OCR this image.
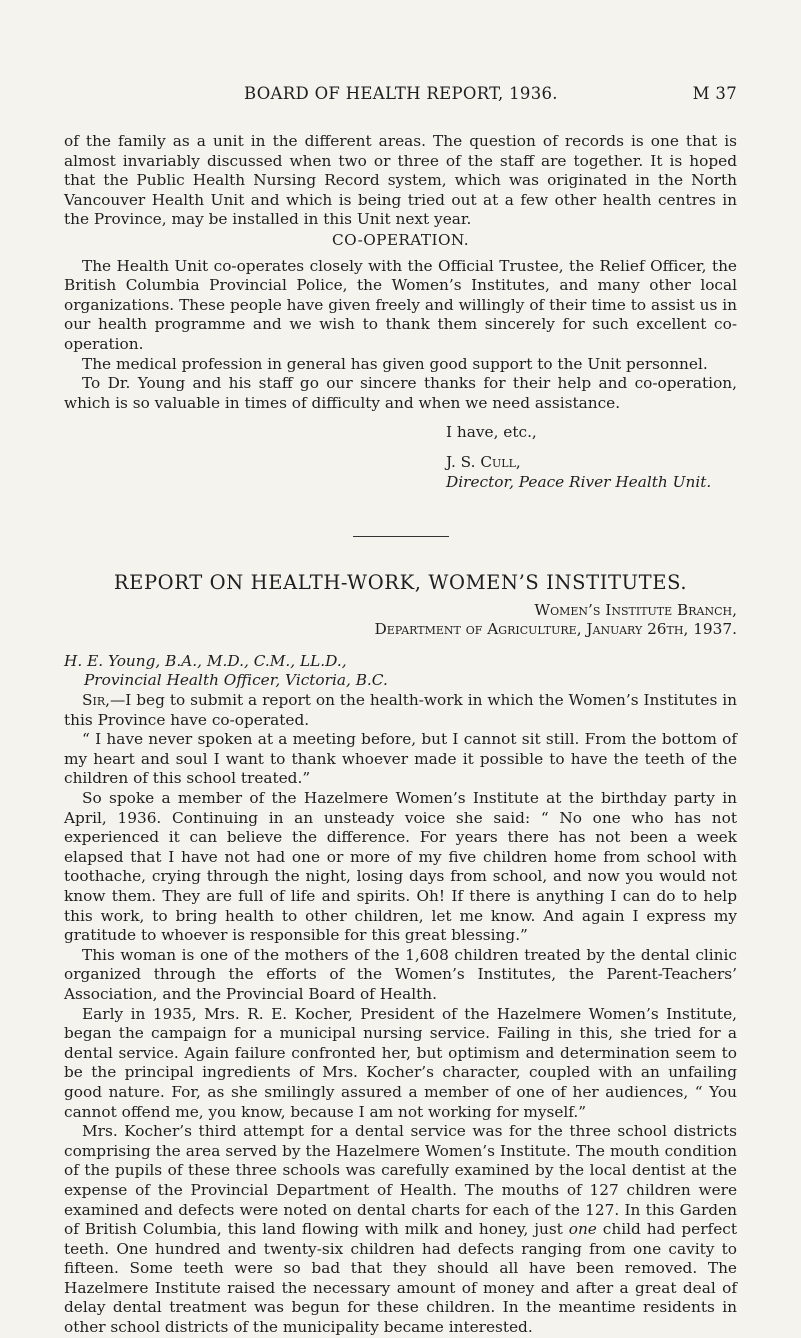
BOARD OF HEALTH REPORT, 1936.	M 37

of the family as a unit in the different areas. The question of records is one that is almost invariably discussed when two or three of the staff are together. It is hoped that the Public Health Nursing Record system, which was originated in the North Vancouver Health Unit and which is being tried out at a few other health centres in the Province, may be installed in this Unit next year.

CO-OPERATION.

The Health Unit co-operates closely with the Official Trustee, the Relief Officer, the British Columbia Provincial Police, the Women’s Institutes, and many other local organizations. These people have given freely and willingly of their time to assist us in our health programme and we wish to thank them sincerely for such excellent co-operation.

The medical profession in general has given good support to the Unit personnel.

To Dr. Young and his staff go our sincere thanks for their help and co-operation, which is so valuable in times of difficulty and when we need assistance.

I have, etc.,

J. S. Cull,

Director, Peace River Health Unit.

REPORT ON HEALTH-WORK, WOMEN’S INSTITUTES.

Women’s Institute Branch,

Department of Agriculture, January 26th, 1937.

H. E. Young, B.A., M.D., C.M., LL.D.,

Provincial Health Officer, Victoria, B.C.

Sir,—I beg to submit a report on the health-work in which the Women’s Institutes in this Province have co-operated.

“ I have never spoken at a meeting before, but I cannot sit still. From the bottom of my heart and soul I want to thank whoever made it possible to have the teeth of the children of this school treated.”

So spoke a member of the Hazelmere Women’s Institute at the birthday party in April, 1936. Continuing in an unsteady voice she said: “ No one who has not experienced it can believe the difference. For years there has not been a week elapsed that I have not had one or more of my five children home from school with toothache, crying through the night, losing days from school, and now you would not know them. They are full of life and spirits. Oh! If there is anything I can do to help this work, to bring health to other children, let me know. And again I express my gratitude to whoever is responsible for this great blessing.”

This woman is one of the mothers of the 1,608 children treated by the dental clinic organized through the efforts of the Women’s Institutes, the Parent-Teachers’ Association, and the Provincial Board of Health.

Early in 1935, Mrs. R. E. Kocher, President of the Hazelmere Women’s Institute, began the campaign for a municipal nursing service. Failing in this, she tried for a dental service. Again failure confronted her, but optimism and determination seem to be the principal ingredients of Mrs. Kocher’s character, coupled with an unfailing good nature. For, as she smilingly assured a member of one of her audiences, “ You cannot offend me, you know, because I am not working for myself.”

Mrs. Kocher’s third attempt for a dental service was for the three school districts comprising the area served by the Hazelmere Women’s Institute. The mouth condition of the pupils of these three schools was carefully examined by the local dentist at the expense of the Provincial Department of Health. The mouths of 127 children were examined and defects were noted on dental charts for each of the 127. In this Garden of British Columbia, this land flowing with milk and honey, just one child had perfect teeth. One hundred and twenty-six children had defects ranging from one cavity to fifteen. Some teeth were so bad that they should all have been removed. The Hazelmere Institute raised the necessary amount of money and after a great deal of delay dental treatment was begun for these children. In the meantime residents in other school districts of the municipality became interested.
